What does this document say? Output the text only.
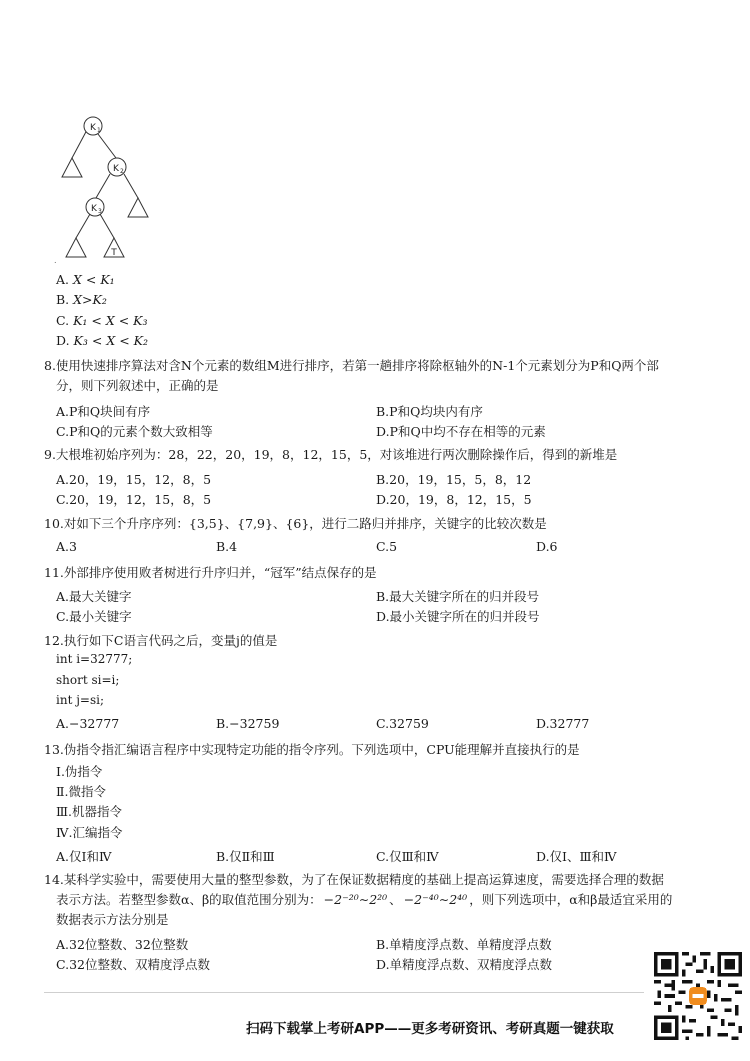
K 1
K 2
K 3
T
.
A. X < K₁
B. X>K₂
C. K₁ < X < K₃
D. K₃ < X < K₂
8.使用快速排序算法对含N个元素的数组M进行排序，若第一趟排序将除枢轴外的N-1个元素划分为P和Q两个部
分，则下列叙述中，正确的是
A.P和Q块间有序	B.P和Q均块内有序
C.P和Q的元素个数大致相等	D.P和Q中均不存在相等的元素
9.大根堆初始序列为：28，22，20，19，8，12，15，5，对该堆进行两次删除操作后，得到的新堆是
A.20，19，15，12，8，5	B.20，19，15，5，8，12
C.20，19，12，15，8，5	D.20，19，8，12，15，5
10.对如下三个升序序列：{3,5}、{7,9}、{6}，进行二路归并排序，关键字的比较次数是
A.3	B.4	C.5	D.6
11.外部排序使用败者树进行升序归并，“冠军”结点保存的是
A.最大关键字	B.最大关键字所在的归并段号
C.最小关键字	D.最小关键字所在的归并段号
12.执行如下C语言代码之后，变量j的值是
int i=32777;
short si=i;
int j=si;
A.−32777	B.−32759	C.32759	D.32777
13.伪指令指汇编语言程序中实现特定功能的指令序列。下列选项中，CPU能理解并直接执行的是
Ⅰ.伪指令
Ⅱ.微指令
Ⅲ.机器指令
Ⅳ.汇编指令
A.仅Ⅰ和Ⅳ	B.仅Ⅱ和Ⅲ	C.仅Ⅲ和Ⅳ	D.仅Ⅰ、Ⅲ和Ⅳ
14.某科学实验中，需要使用大量的整型参数，为了在保证数据精度的基础上提高运算速度，需要选择合理的数据
表示方法。若整型参数α、β的取值范围分别为： −2⁻²⁰∼2²⁰ 、 −2⁻⁴⁰∼2⁴⁰ ，则下列选项中，α和β最适宜采用的
数据表示方法分别是
A.32位整数、32位整数	B.单精度浮点数、单精度浮点数
C.32位整数、双精度浮点数	D.单精度浮点数、双精度浮点数
扫码下载掌上考研APP——更多考研资讯、考研真题一键获取
